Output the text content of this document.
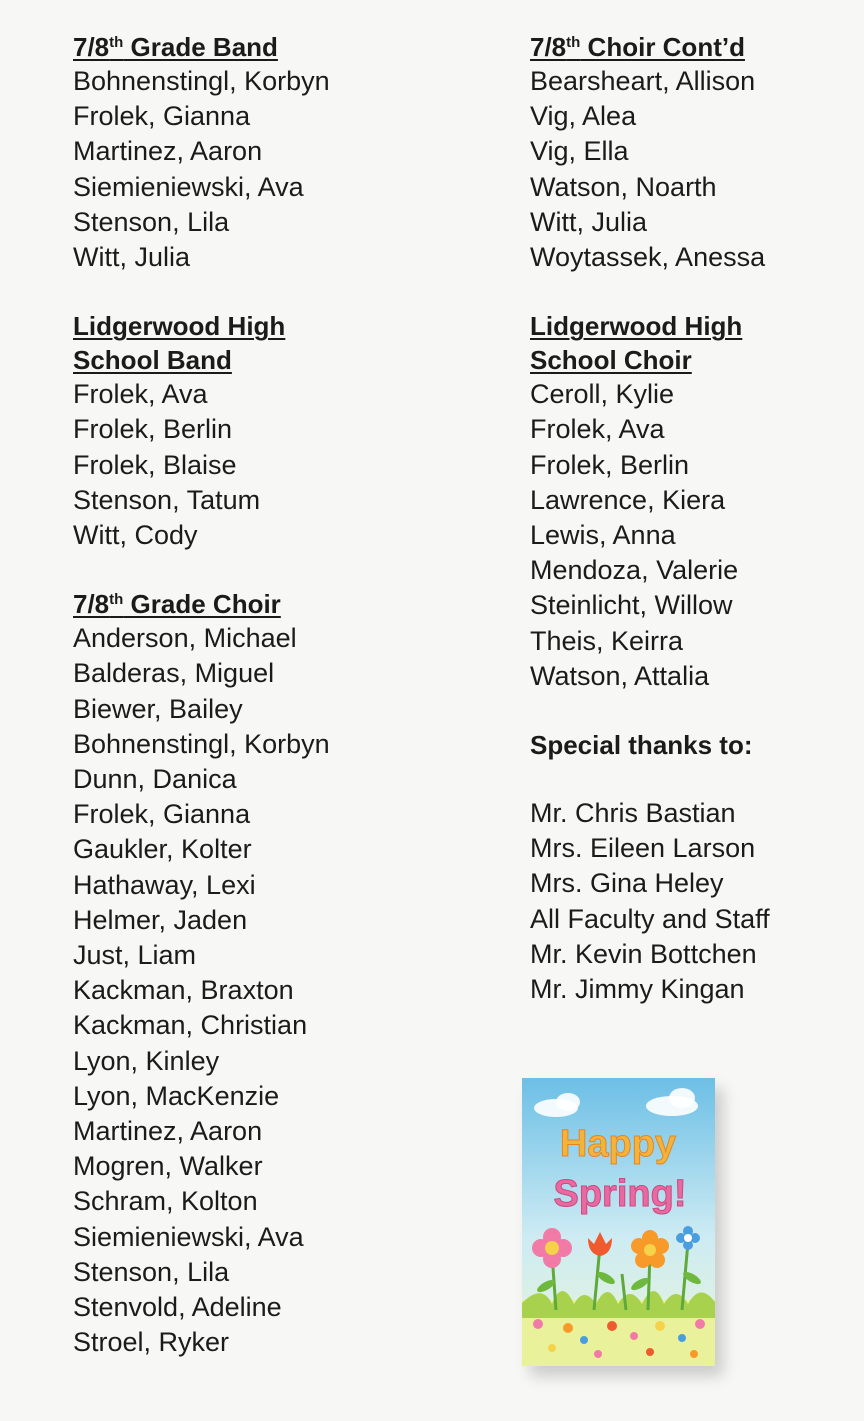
7/8th Grade Band
Bohnenstingl, Korbyn
Frolek, Gianna
Martinez, Aaron
Siemieniewski, Ava
Stenson, Lila
Witt, Julia
Lidgerwood High
School Band
Frolek, Ava
Frolek, Berlin
Frolek, Blaise
Stenson, Tatum
Witt, Cody
7/8th Grade Choir
Anderson, Michael
Balderas, Miguel
Biewer, Bailey
Bohnenstingl, Korbyn
Dunn, Danica
Frolek, Gianna
Gaukler, Kolter
Hathaway, Lexi
Helmer, Jaden
Just, Liam
Kackman, Braxton
Kackman, Christian
Lyon, Kinley
Lyon, MacKenzie
Martinez, Aaron
Mogren, Walker
Schram, Kolton
Siemieniewski, Ava
Stenson, Lila
Stenvold, Adeline
Stroel, Ryker
7/8th Choir Cont’d
Bearsheart, Allison
Vig, Alea
Vig, Ella
Watson, Noarth
Witt, Julia
Woytassek, Anessa
Lidgerwood High
School Choir
Ceroll, Kylie
Frolek, Ava
Frolek, Berlin
Lawrence, Kiera
Lewis, Anna
Mendoza, Valerie
Steinlicht, Willow
Theis, Keirra
Watson, Attalia
Special thanks to:
Mr. Chris Bastian
Mrs. Eileen Larson
Mrs. Gina Heley
All Faculty and Staff
Mr. Kevin Bottchen
Mr. Jimmy Kingan
Happy
Spring!
